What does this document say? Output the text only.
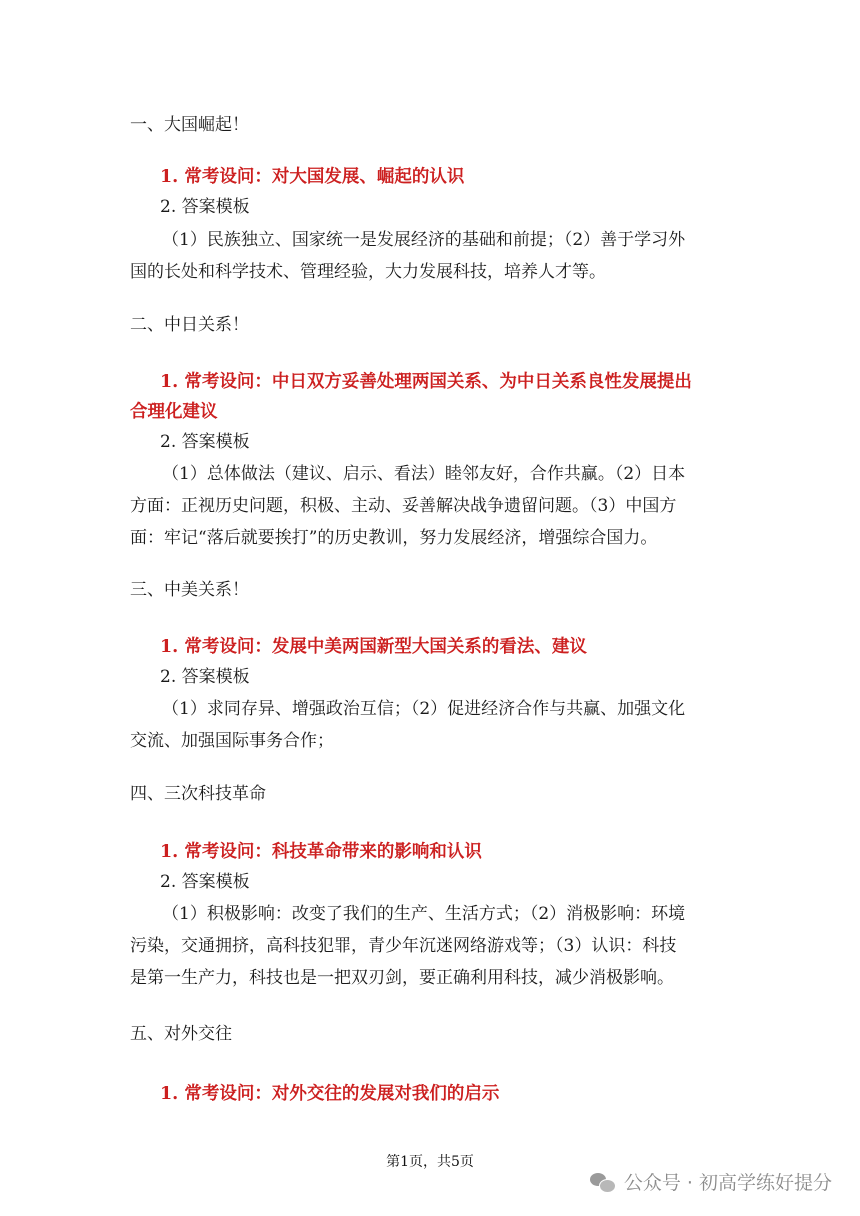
一、大国崛起！
1. 常考设问：对大国发展、崛起的认识
2. 答案模板
（1）民族独立、国家统一是发展经济的基础和前提；（2）善于学习外
国的长处和科学技术、管理经验，大力发展科技，培养人才等。
二、中日关系！
1. 常考设问：中日双方妥善处理两国关系、为中日关系良性发展提出
合理化建议
2. 答案模板
（1）总体做法（建议、启示、看法）睦邻友好，合作共赢。（2）日本
方面：正视历史问题，积极、主动、妥善解决战争遗留问题。（3）中国方
面：牢记“落后就要挨打”的历史教训，努力发展经济，增强综合国力。
三、中美关系！
1. 常考设问：发展中美两国新型大国关系的看法、建议
2. 答案模板
（1）求同存异、增强政治互信；（2）促进经济合作与共赢、加强文化
交流、加强国际事务合作；
四、三次科技革命
1. 常考设问：科技革命带来的影响和认识
2. 答案模板
（1）积极影响：改变了我们的生产、生活方式；（2）消极影响：环境
污染，交通拥挤，高科技犯罪，青少年沉迷网络游戏等；（3）认识：科技
是第一生产力，科技也是一把双刃剑，要正确利用科技，减少消极影响。
五、对外交往
1. 常考设问：对外交往的发展对我们的启示
第1页，共5页
公众号 · 初高学练好提分
